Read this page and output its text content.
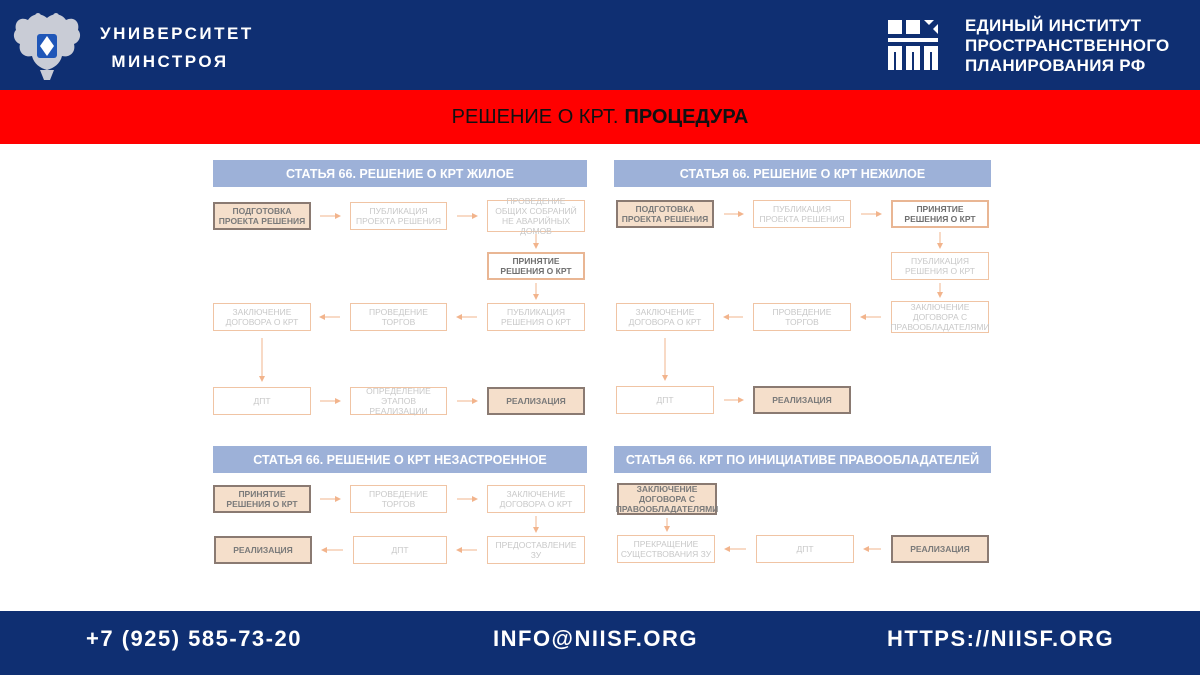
УНИВЕРСИТЕТ
МИНСТРОЯ
ЕДИНЫЙ ИНСТИТУТ
ПРОСТРАНСТВЕННОГО
ПЛАНИРОВАНИЯ РФ
РЕШЕНИЕ О КРТ. ПРОЦЕДУРА
СТАТЬЯ 66. РЕШЕНИЕ О КРТ ЖИЛОЕ
ПОДГОТОВКА ПРОЕКТА РЕШЕНИЯ
ПУБЛИКАЦИЯ ПРОЕКТА РЕШЕНИЯ
ПРОВЕДЕНИЕ ОБЩИХ СОБРАНИЙ НЕ АВАРИЙНЫХ ДОМОВ
ПРИНЯТИЕ РЕШЕНИЯ О КРТ
ПУБЛИКАЦИЯ РЕШЕНИЯ О КРТ
ПРОВЕДЕНИЕ ТОРГОВ
ЗАКЛЮЧЕНИЕ ДОГОВОРА О КРТ
ДПТ
ОПРЕДЕЛЕНИЕ ЭТАПОВ РЕАЛИЗАЦИИ
РЕАЛИЗАЦИЯ
СТАТЬЯ 66. РЕШЕНИЕ О КРТ НЕЖИЛОЕ
ПОДГОТОВКА ПРОЕКТА РЕШЕНИЯ
ПУБЛИКАЦИЯ ПРОЕКТА РЕШЕНИЯ
ПРИНЯТИЕ РЕШЕНИЯ О КРТ
ПУБЛИКАЦИЯ РЕШЕНИЯ О КРТ
ЗАКЛЮЧЕНИЕ ДОГОВОРА С ПРАВООБЛАДАТЕЛЯМИ
ПРОВЕДЕНИЕ ТОРГОВ
ЗАКЛЮЧЕНИЕ ДОГОВОРА О КРТ
ДПТ	РЕАЛИЗАЦИЯ
СТАТЬЯ 66. РЕШЕНИЕ О КРТ НЕЗАСТРОЕННОЕ
ПРИНЯТИЕ РЕШЕНИЯ О КРТ
ПРОВЕДЕНИЕ ТОРГОВ
ЗАКЛЮЧЕНИЕ ДОГОВОРА О КРТ
ПРЕДОСТАВЛЕНИЕ ЗУ
ДПТ
РЕАЛИЗАЦИЯ
СТАТЬЯ 66. КРТ ПО ИНИЦИАТИВЕ ПРАВООБЛАДАТЕЛЕЙ
ЗАКЛЮЧЕНИЕ ДОГОВОРА С ПРАВООБЛАДАТЕЛЯМИ
ПРЕКРАЩЕНИЕ СУЩЕСТВОВАНИЯ ЗУ	ДПТ	РЕАЛИЗАЦИЯ
+7 (925) 585-73-20	INFO@NIISF.ORG	HTTPS://NIISF.ORG
